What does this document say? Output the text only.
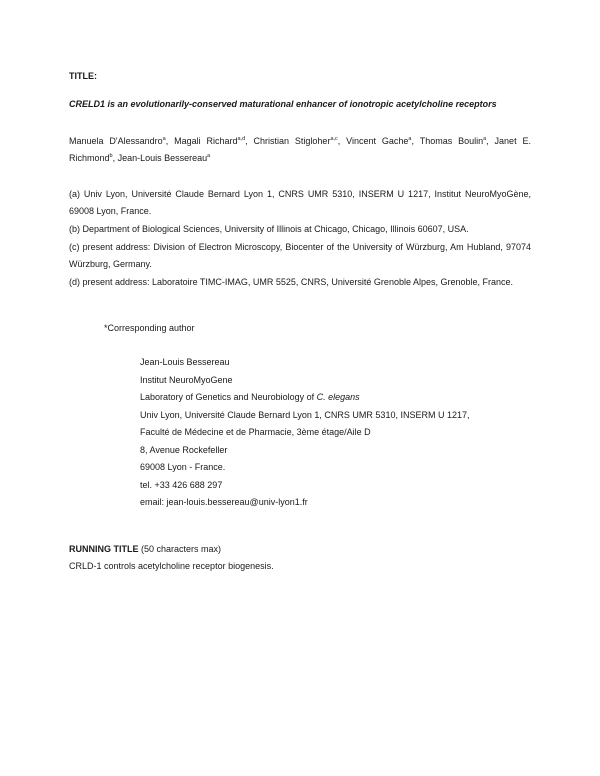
TITLE:
CRELD1 is an evolutionarily-conserved maturational enhancer of ionotropic acetylcholine receptors
Manuela D'Alessandro$^a$, Magali Richard$^{a,d}$, Christian Stigloher$^{a,c}$, Vincent Gache$^a$, Thomas Boulin$^a$, Janet E. Richmond$^b$, Jean-Louis Bessereau$^a$

(a) Univ Lyon, Université Claude Bernard Lyon 1, CNRS UMR 5310, INSERM U 1217, Institut NeuroMyoGène, 69008 Lyon, France.

(b) Department of Biological Sciences, University of Illinois at Chicago, Chicago, Illinois 60607, USA.

(c) present address: Division of Electron Microscopy, Biocenter of the University of Würzburg, Am Hubland, 97074 Würzburg, Germany.

(d) present address: Laboratoire TIMC-IMAG, UMR 5525, CNRS, Université Grenoble Alpes, Grenoble, France.

*Corresponding author
Jean-Louis Bessereau
Institut NeuroMyoGene
Laboratory of Genetics and Neurobiology of C. elegans
Univ Lyon, Université Claude Bernard Lyon 1, CNRS UMR 5310, INSERM U 1217,
Faculté de Médecine et de Pharmacie, 3ème étage/Aile D
8, Avenue Rockefeller
69008 Lyon - France.
tel. +33 426 688 297
email: jean-louis.bessereau@univ-lyon1.fr
RUNNING TITLE (50 characters max)
CRLD-1 controls acetylcholine receptor biogenesis.
